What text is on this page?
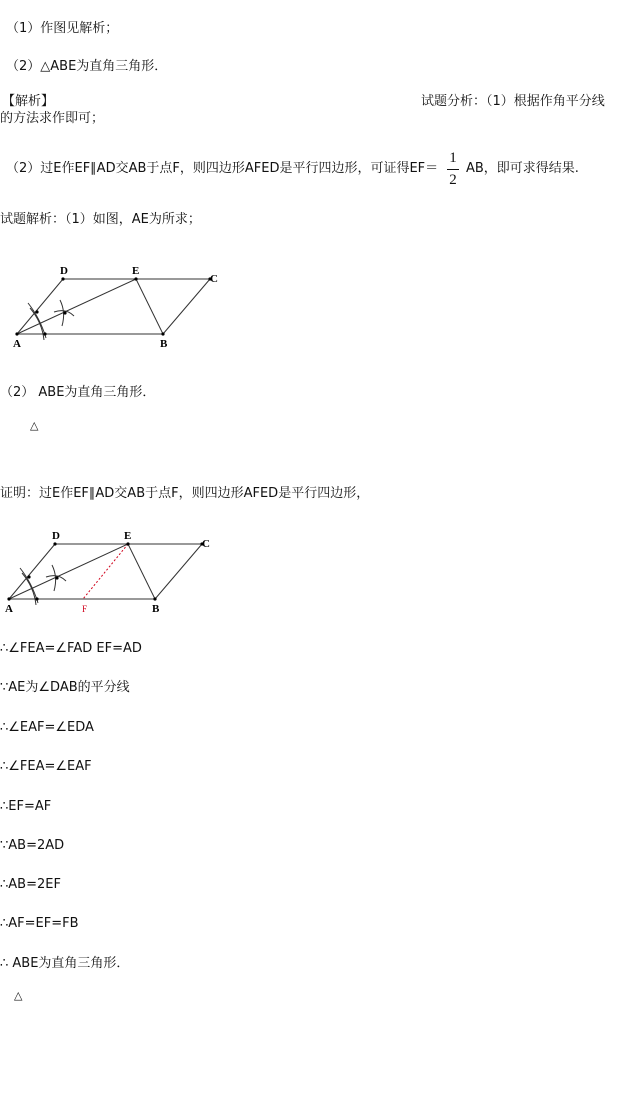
（1）作图见解析；
（2）△ABE为直角三角形．
【解析】	试题分析：（1）根据作角平分线
的方法求作即可；
（2）过E作EF∥AD交AB于点F，则四边形AFED是平行四边形，可证得EF＝
1
2
AB，即可求得结果.
试题解析：（1）如图，AE为所求；
D	E
C
A	B
D	E
C
A	B
F
（2） ABE为直角三角形．
△
证明：过E作EF∥AD交AB于点F，则四边形AFED是平行四边形，
∴∠FEA=∠FAD EF=AD
∵AE为∠DAB的平分线
∴∠EAF=∠EDA
∴∠FEA=∠EAF
∴EF=AF
∵AB=2AD
∴AB=2EF
∴AF=EF=FB
∴ ABE为直角三角形．
△
